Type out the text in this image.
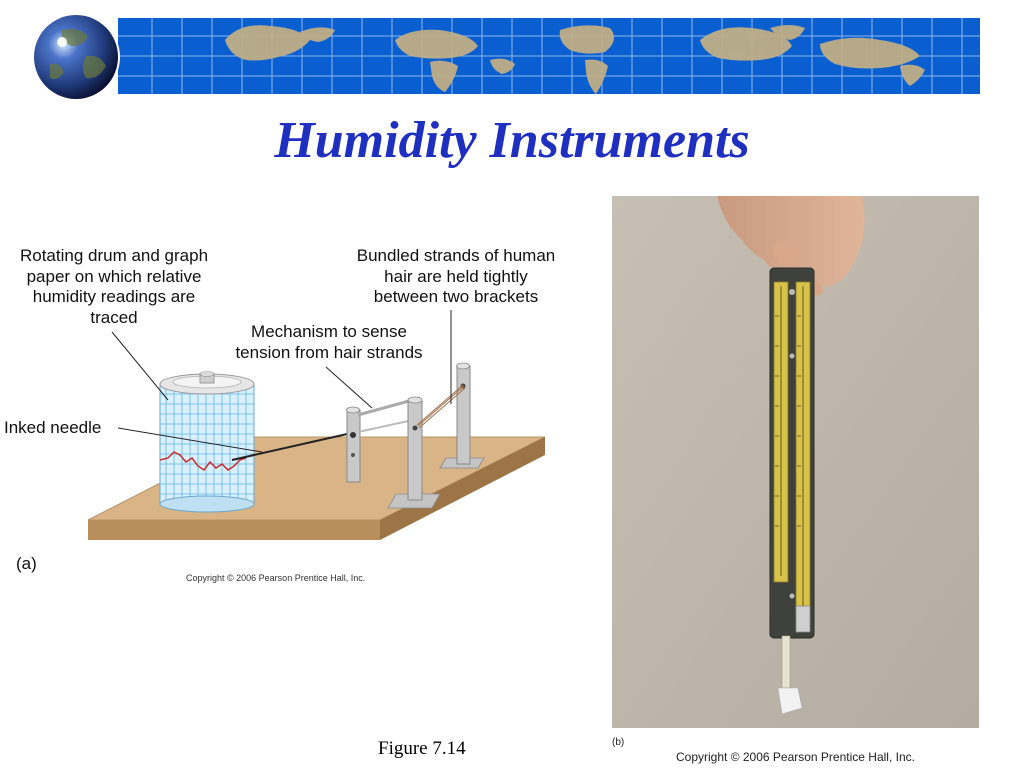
Humidity Instruments
Rotating drum and graph
paper on which relative
humidity readings are
traced
Bundled strands of human
hair are held tightly
between two brackets
Mechanism to sense
tension from hair strands
Inked needle
(a)
Copyright © 2006 Pearson Prentice Hall, Inc.
(b)
Copyright © 2006 Pearson Prentice Hall, Inc.
Figure 7.14
